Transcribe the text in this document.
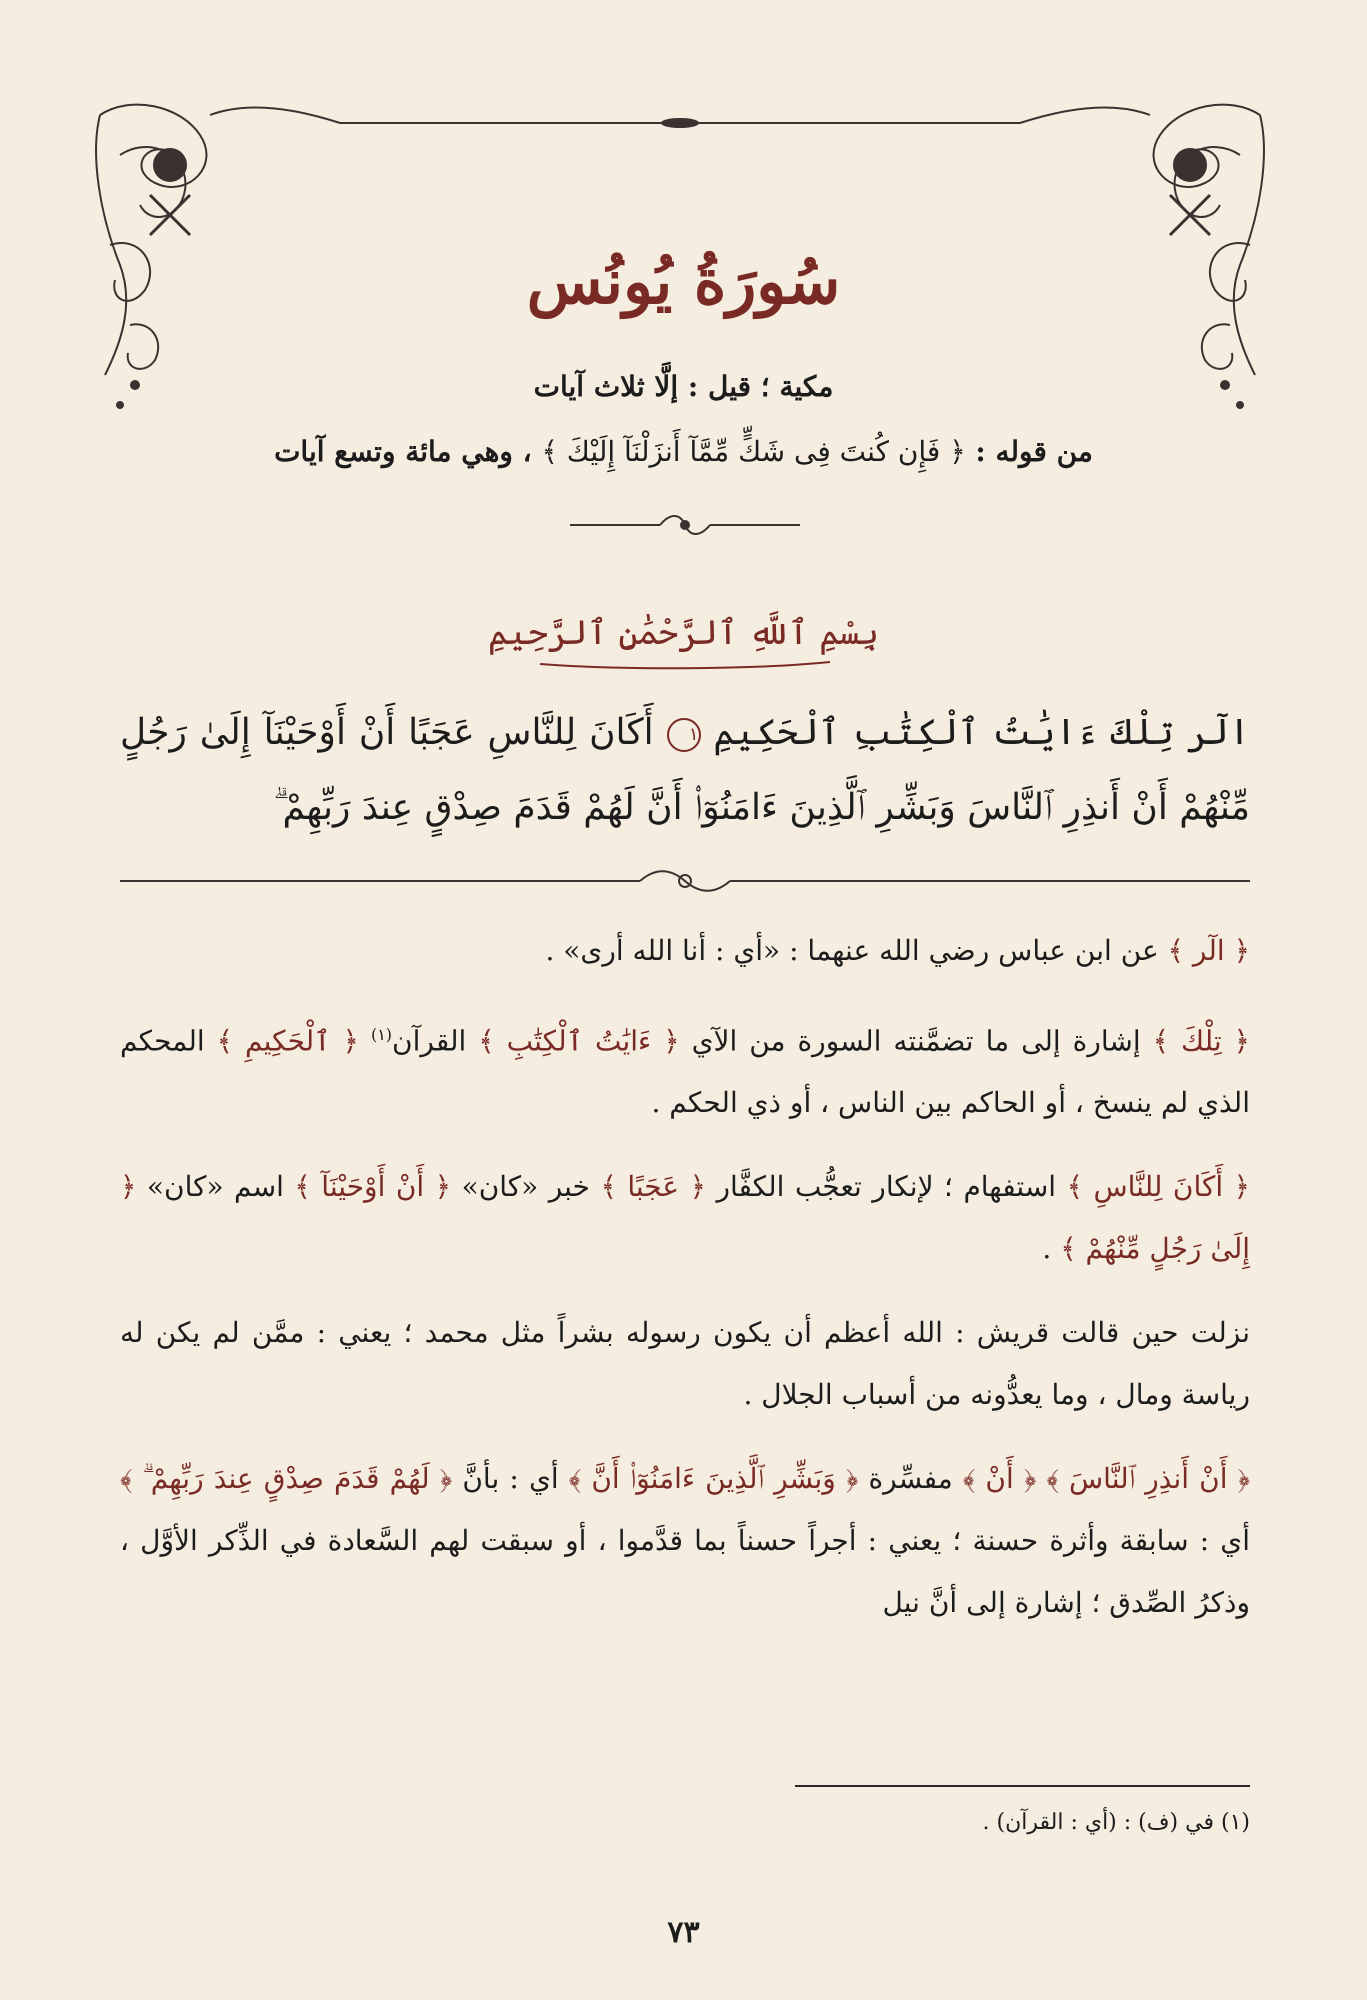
سُورَةُ يُونُس
مكية ؛ قيل : إلَّا ثلاث آيات
من قوله : ﴿ فَإِن كُنتَ فِى شَكٍّ مِّمَّآ أَنزَلْنَآ إِلَيْكَ ﴾ ، وهي مائة وتسع آيات
بِسْمِ ٱللَّهِ ٱلرَّحْمَٰنِ ٱلرَّحِيمِ
الٓر تِلْكَ ءَايَٰتُ ٱلْكِتَٰبِ ٱلْحَكِيمِ ١ أَكَانَ لِلنَّاسِ عَجَبًا أَنْ أَوْحَيْنَآ إِلَىٰ رَجُلٍ مِّنْهُمْ أَنْ أَنذِرِ ٱلنَّاسَ وَبَشِّرِ ٱلَّذِينَ ءَامَنُوٓا۟ أَنَّ لَهُمْ قَدَمَ صِدْقٍ عِندَ رَبِّهِمْ ۗ

﴿ الٓر ﴾ عن ابن عباس رضي الله عنهما : «أي : أنا الله أرى» .

﴿ تِلْكَ ﴾ إشارة إلى ما تضمَّنته السورة من الآي ﴿ ءَايَٰتُ ٱلْكِتَٰبِ ﴾ القرآن$^{(١)}$ ﴿ ٱلْحَكِيمِ ﴾ المحكم الذي لم ينسخ ، أو الحاكم بين الناس ، أو ذي الحكم .

﴿ أَكَانَ لِلنَّاسِ ﴾ استفهام ؛ لإنكار تعجُّب الكفَّار ﴿ عَجَبًا ﴾ خبر «كان» ﴿ أَنْ أَوْحَيْنَآ ﴾ اسم «كان» ﴿ إِلَىٰ رَجُلٍ مِّنْهُمْ ﴾ .

نزلت حين قالت قريش : الله أعظم أن يكون رسوله بشراً مثل محمد ؛ يعني : ممَّن لم يكن له رياسة ومال ، وما يعدُّونه من أسباب الجلال .

﴿ أَنْ أَنذِرِ ٱلنَّاسَ ﴾ ﴿ أَنْ ﴾ مفسِّرة ﴿ وَبَشِّرِ ٱلَّذِينَ ءَامَنُوٓا۟ أَنَّ ﴾ أي : بأنَّ ﴿ لَهُمْ قَدَمَ صِدْقٍ عِندَ رَبِّهِمْ ۗ ﴾ أي : سابقة وأثرة حسنة ؛ يعني : أجراً حسناً بما قدَّموا ، أو سبقت لهم السَّعادة في الذِّكر الأوَّل ، وذكرُ الصِّدق ؛ إشارة إلى أنَّ نيل

(١) في (ف) : (أي : القرآن) .
٧٣
